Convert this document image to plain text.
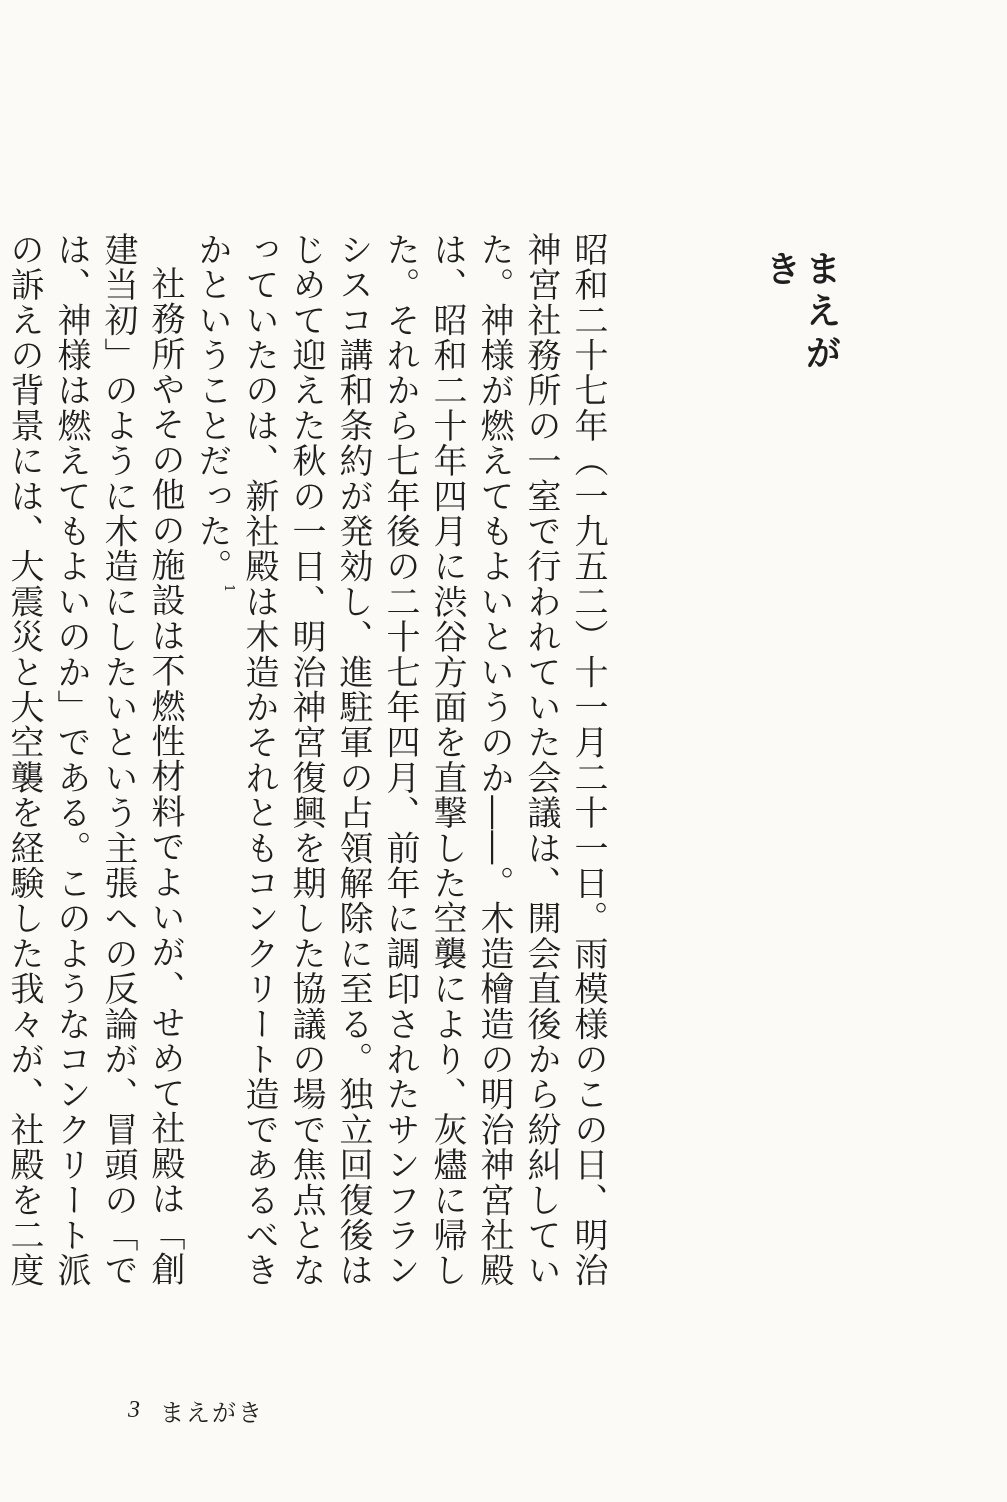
まえがき

昭和二十七年（一九五二）十一月二十一日。雨模様のこの日、明治神宮社務所の一室で行われていた会議は、開会直後から紛糾していた。神様が燃えてもよいというのか――。木造檜造の明治神宮社殿は、昭和二十年四月に渋谷方面を直撃した空襲により、灰燼に帰した。それから七年後の二十七年四月、前年に調印されたサンフランシスコ講和条約が発効し、進駐軍の占領解除に至る。独立回復後はじめて迎えた秋の一日、明治神宮復興を期した協議の場で焦点となっていたのは、新社殿は木造かそれともコンクリート造であるべきかということだった。$^1$

社務所やその他の施設は不燃性材料でよいが、せめて社殿は「創建当初」のように木造にしたいという主張への反論が、冒頭の「では、神様は燃えてもよいのか」である。このようなコンクリート派の訴えの背景には、大震災と大空襲を経験した我々が、社殿を二度

3 まえがき
